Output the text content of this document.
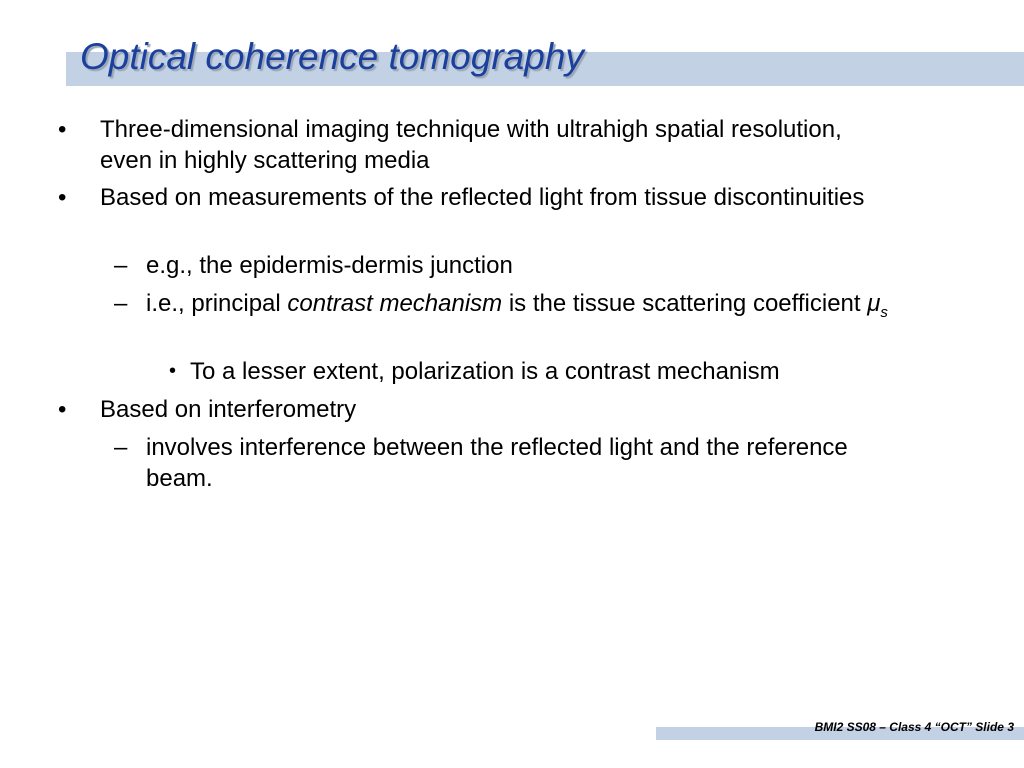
Optical coherence tomography
• Three-dimensional imaging technique with ultrahigh spatial resolution, even in highly scattering media
• Based on measurements of the reflected light from tissue discontinuities
– e.g., the epidermis-dermis junction
– i.e., principal contrast mechanism is the tissue scattering coefficient $\mu_s$
• To a lesser extent, polarization is a contrast mechanism
• Based on interferometry
– involves interference between the reflected light and the reference beam.
BMI2 SS08 – Class 4 “OCT” Slide 3
